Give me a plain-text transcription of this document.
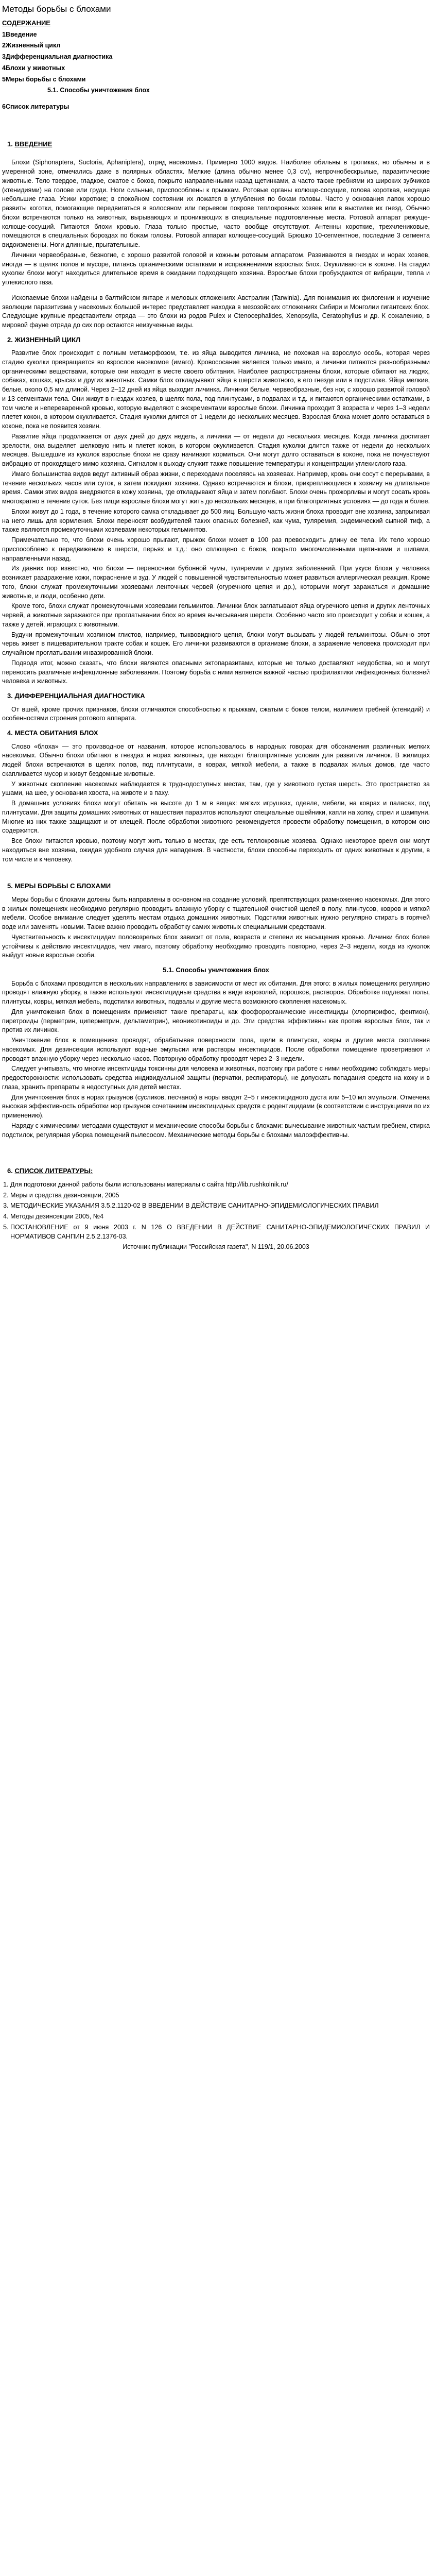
Методы борьбы с блохами
СОДЕРЖАНИЕ
1Введение
2Жизненный цикл
3Дифференциальная диагностика
4Блохи у животных
5Меры борьбы с блохами
5.1. Способы уничтожения блох
6Список литературы
1. ВВЕДЕНИЕ

Блохи (Siphonaptera, Suctoria, Aphaniptera), отряд насекомых. Примерно 1000 видов. Наиболее обильны в тропиках, но обычны и в умеренной зоне, отмечались даже в полярных областях. Мелкие (длина обычно менее 0,3 см), непрочнобескрылые, паразитические животные. Тело твердое, гладкое, сжатое с боков, покрыто направленными назад щетинками, а часто также гребнями из широких зубчиков (ктенидиями) на голове или груди. Ноги сильные, приспособлены к прыжкам. Ротовые органы колюще-сосущие, голова короткая, несущая небольшие глаза. Усики короткие; в спокойном состоянии их ложатся в углубления по бокам головы. Часто у основания лапок хорошо развиты коготки, помогающие передвигаться в волосяном или перьевом покрове теплокровных хозяев или в выстилке их гнезд. Обычно блохи встречаются только на животных, вырывающих и проникающих в специальные подготовленные места. Ротовой аппарат режуще-колюще-сосущий. Питаются блохи кровью. Глаза только простые, часто вообще отсутствуют. Антенны короткие, трехчлениковые, помещаются в специальных бороздах по бокам головы. Ротовой аппарат колющее-сосущий. Брюшко 10-сегментное, последние 3 сегмента видоизменены. Ноги длинные, прыгательные.

Личинки червеобразные, безногие, с хорошо развитой головой и кожным ротовым аппаратом. Развиваются в гнездах и норах хозяев, иногда — в щелях полов и мусоре, питаясь органическими остатками и испражнениями взрослых блох. Окукливаются в коконе. На стадии куколки блохи могут находиться длительное время в ожидании подходящего хозяина. Взрослые блохи пробуждаются от вибрации, тепла и углекислого газа.

Ископаемые блохи найдены в балтийском янтаре и меловых отложениях Австралии (Tarwinia). Для понимания их филогении и изучение эволюции паразитизма у насекомых большой интерес представляет находка в мезозойских отложениях Сибири и Монголии гигантских блох. Следующие крупные представители отряда — это блохи из родов Pulex и Ctenocephalides, Xenopsylla, Ceratophyllus и др. К сожалению, в мировой фауне отряда до сих пор остаются неизученные виды.

2. ЖИЗНЕННЫЙ ЦИКЛ

Развитие блох происходит с полным метаморфозом, т.е. из яйца выводится личинка, не похожая на взрослую особь, которая через стадию куколки превращается во взрослое насекомое (имаго). Кровососание является только имаго, а личинки питаются разнообразными органическими веществами, которые они находят в месте своего обитания. Наиболее распространены блохи, которые обитают на людях, собаках, кошках, крысах и других животных. Самки блох откладывают яйца в шерсти животного, в его гнезде или в подстилке. Яйца мелкие, белые, около 0,5 мм длиной. Через 2–12 дней из яйца выходит личинка. Личинки белые, червеобразные, без ног, с хорошо развитой головой и 13 сегментами тела. Они живут в гнездах хозяев, в щелях пола, под плинтусами, в подвалах и т.д. и питаются органическими остатками, в том числе и непереваренной кровью, которую выделяют с экскрементами взрослые блохи. Личинка проходит 3 возраста и через 1–3 недели плетет кокон, в котором окукливается. Стадия куколки длится от 1 недели до нескольких месяцев. Взрослая блоха может долго оставаться в коконе, пока не появится хозяин.

Развитие яйца продолжается от двух дней до двух недель, а личинки — от недели до нескольких месяцев. Когда личинка достигает зрелости, она выделяет шелковую нить и плетет кокон, в котором окукливается. Стадия куколки длится также от недели до нескольких месяцев. Вышедшие из куколок взрослые блохи не сразу начинают кормиться. Они могут долго оставаться в коконе, пока не почувствуют вибрацию от проходящего мимо хозяина. Сигналом к выходу служит также повышение температуры и концентрации углекислого газа.

Имаго большинства видов ведут активный образ жизни, с переходами поселяясь на хозяевах. Например, кровь они сосут с перерывами, в течение нескольких часов или суток, а затем покидают хозяина. Однако встречаются и блохи, прикрепляющиеся к хозяину на длительное время. Самки этих видов внедряются в кожу хозяина, где откладывают яйца и затем погибают. Блохи очень прожорливы и могут сосать кровь многократно в течение суток. Без пищи взрослые блохи могут жить до нескольких месяцев, а при благоприятных условиях — до года и более.

Блохи живут до 1 года, в течение которого самка откладывает до 500 яиц. Большую часть жизни блоха проводит вне хозяина, запрыгивая на него лишь для кормления. Блохи переносят возбудителей таких опасных болезней, как чума, туляремия, эндемический сыпной тиф, а также являются промежуточными хозяевами некоторых гельминтов.

Примечательно то, что блохи очень хорошо прыгают, прыжок блохи может в 100 раз превосходить длину ее тела. Их тело хорошо приспособлено к передвижению в шерсти, перьях и т.д.: оно сплющено с боков, покрыто многочисленными щетинками и шипами, направленными назад.

Из давних пор известно, что блохи — переносчики бубонной чумы, туляремии и других заболеваний. При укусе блохи у человека возникает раздражение кожи, покраснение и зуд. У людей с повышенной чувствительностью может развиться аллергическая реакция. Кроме того, блохи служат промежуточными хозяевами ленточных червей (огуречного цепня и др.), которыми могут заражаться и домашние животные, и люди, особенно дети.

Кроме того, блохи служат промежуточными хозяевами гельминтов. Личинки блох заглатывают яйца огуречного цепня и других ленточных червей, а животные заражаются при проглатывании блох во время вычесывания шерсти. Особенно часто это происходит у собак и кошек, а также у детей, играющих с животными.

Будучи промежуточным хозяином глистов, например, тыквовидного цепня, блохи могут вызывать у людей гельминтозы. Обычно этот червь живет в пищеварительном тракте собак и кошек. Его личинки развиваются в организме блохи, а заражение человека происходит при случайном проглатывании инвазированной блохи.

Подводя итог, можно сказать, что блохи являются опасными эктопаразитами, которые не только доставляют неудобства, но и могут переносить различные инфекционные заболевания. Поэтому борьба с ними является важной частью профилактики инфекционных болезней человека и животных.

3. ДИФФЕРЕНЦИАЛЬНАЯ ДИАГНОСТИКА

От вшей, кроме прочих признаков, блохи отличаются способностью к прыжкам, сжатым с боков телом, наличием гребней (ктенидий) и особенностями строения ротового аппарата.

4. МЕСТА ОБИТАНИЯ БЛОХ

Слово «блоха» — это производное от названия, которое использовалось в народных говорах для обозначения различных мелких насекомых. Обычно блохи обитают в гнездах и норах животных, где находят благоприятные условия для развития личинок. В жилищах людей блохи встречаются в щелях полов, под плинтусами, в коврах, мягкой мебели, а также в подвалах жилых домов, где часто скапливается мусор и живут бездомные животные.

У животных скопление насекомых наблюдается в труднодоступных местах, там, где у животного густая шерсть. Это пространство за ушами, на шее, у основания хвоста, на животе и в паху.

В домашних условиях блохи могут обитать на высоте до 1 м в вещах: мягких игрушках, одеяле, мебели, на коврах и паласах, под плинтусами. Для защиты домашних животных от нашествия паразитов используют специальные ошейники, капли на холку, спреи и шампуни. Многие из них также защищают и от клещей. После обработки животного рекомендуется провести обработку помещения, в котором оно содержится.

Все блохи питаются кровью, поэтому могут жить только в местах, где есть теплокровные хозяева. Однако некоторое время они могут находиться вне хозяина, ожидая удобного случая для нападения. В частности, блохи способны переходить от одних животных к другим, в том числе и к человеку.

5. МЕРЫ БОРЬБЫ С БЛОХАМИ

Меры борьбы с блохами должны быть направлены в основном на создание условий, препятствующих размножению насекомых. Для этого в жилых помещениях необходимо регулярно проводить влажную уборку с тщательной очисткой щелей в полу, плинтусов, ковров и мягкой мебели. Особое внимание следует уделять местам отдыха домашних животных. Подстилки животных нужно регулярно стирать в горячей воде или заменять новыми. Также важно проводить обработку самих животных специальными средствами.

Чувствительность к инсектицидам половозрелых блох зависит от пола, возраста и степени их насыщения кровью. Личинки блох более устойчивы к действию инсектицидов, чем имаго, поэтому обработку необходимо проводить повторно, через 2–3 недели, когда из куколок выйдут новые взрослые особи.

5.1. Способы уничтожения блох

Борьба с блохами проводится в нескольких направлениях в зависимости от мест их обитания. Для этого: в жилых помещениях регулярно проводят влажную уборку, а также используют инсектицидные средства в виде аэрозолей, порошков, растворов. Обработке подлежат полы, плинтусы, ковры, мягкая мебель, подстилки животных, подвалы и другие места возможного скопления насекомых.

Для уничтожения блох в помещениях применяют такие препараты, как фосфорорганические инсектициды (хлорпирифос, фентион), пиретроиды (перметрин, циперметрин, дельтаметрин), неоникотиноиды и др. Эти средства эффективны как против взрослых блох, так и против их личинок.

Уничтожение блох в помещениях проводят, обрабатывая поверхности пола, щели в плинтусах, ковры и другие места скопления насекомых. Для дезинсекции используют водные эмульсии или растворы инсектицидов. После обработки помещение проветривают и проводят влажную уборку через несколько часов. Повторную обработку проводят через 2–3 недели.

Следует учитывать, что многие инсектициды токсичны для человека и животных, поэтому при работе с ними необходимо соблюдать меры предосторожности: использовать средства индивидуальной защиты (перчатки, респираторы), не допускать попадания средств на кожу и в глаза, хранить препараты в недоступных для детей местах.

Для уничтожения блох в норах грызунов (сусликов, песчанок) в норы вводят 2–5 г инсектицидного дуста или 5–10 мл эмульсии. Отмечена высокая эффективность обработки нор грызунов сочетанием инсектицидных средств с родентицидами (в соответствии с инструкциями по их применению).

Наряду с химическими методами существуют и механические способы борьбы с блохами: вычесывание животных частым гребнем, стирка подстилок, регулярная уборка помещений пылесосом. Механические методы борьбы с блохами малоэффективны.

6. СПИСОК ЛИТЕРАТУРЫ:
1. Для подготовки данной работы были использованы материалы с сайта http://lib.rushkolnik.ru/
2. Меры и средства дезинсекции, 2005
3. МЕТОДИЧЕСКИЕ УКАЗАНИЯ 3.5.2.1120-02 В ВВЕДЕНИИ В ДЕЙСТВИЕ САНИТАРНО-ЭПИДЕМИОЛОГИЧЕСКИХ ПРАВИЛ
4. Методы дезинсекции 2005, №4
5. ПОСТАНОВЛЕНИЕ от 9 июня 2003 г. N 126 О ВВЕДЕНИИ В ДЕЙСТВИЕ САНИТАРНО-ЭПИДЕМИОЛОГИЧЕСКИХ ПРАВИЛ И НОРМАТИВОВ САНПИН 2.5.2.1376-03.
Источник публикации "Российская газета", N 119/1, 20.06.2003
